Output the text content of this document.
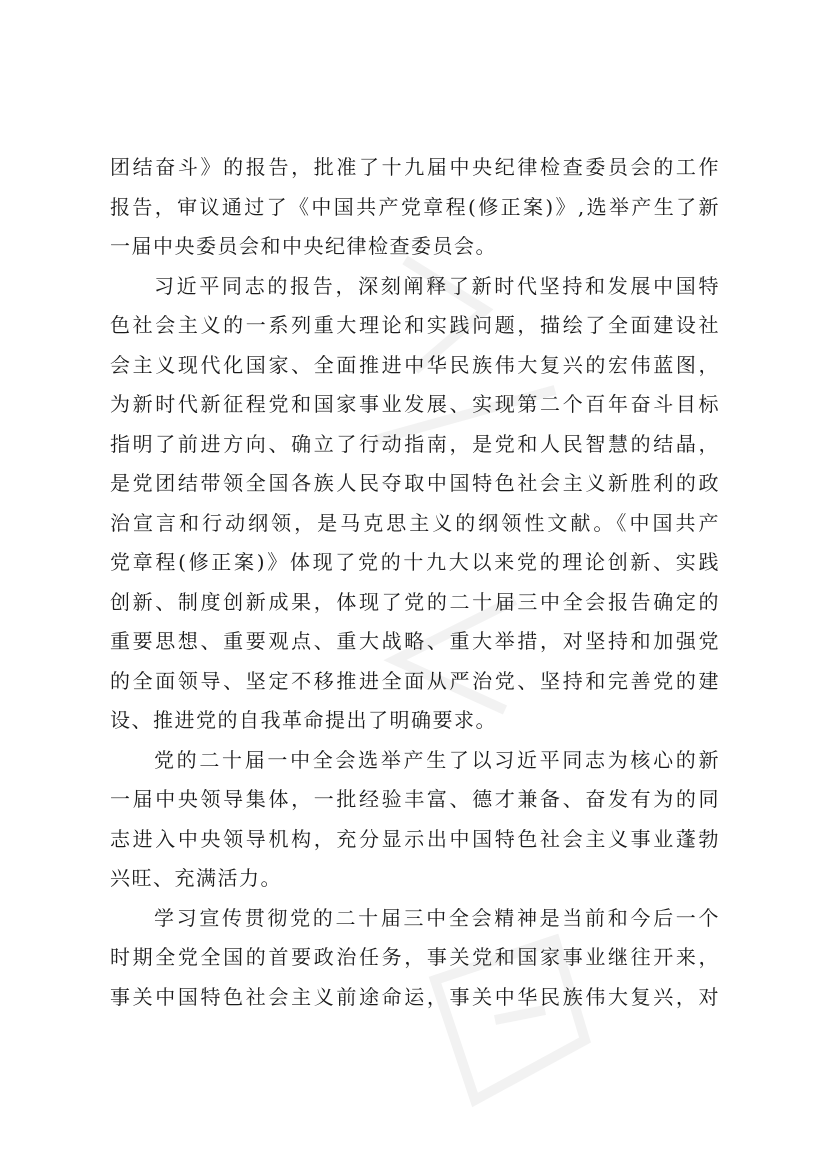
团结奋斗》的报告，批准了十九届中央纪律检查委员会的工作
报告，审议通过了《中国共产党章程(修正案)》,选举产生了新
一届中央委员会和中央纪律检查委员会。
习近平同志的报告，深刻阐释了新时代坚持和发展中国特
色社会主义的一系列重大理论和实践问题，描绘了全面建设社
会主义现代化国家、全面推进中华民族伟大复兴的宏伟蓝图，
为新时代新征程党和国家事业发展、实现第二个百年奋斗目标
指明了前进方向、确立了行动指南，是党和人民智慧的结晶，
是党团结带领全国各族人民夺取中国特色社会主义新胜利的政
治宣言和行动纲领，是马克思主义的纲领性文献。《中国共产
党章程(修正案)》体现了党的十九大以来党的理论创新、实践
创新、制度创新成果，体现了党的二十届三中全会报告确定的
重要思想、重要观点、重大战略、重大举措，对坚持和加强党
的全面领导、坚定不移推进全面从严治党、坚持和完善党的建
设、推进党的自我革命提出了明确要求。
党的二十届一中全会选举产生了以习近平同志为核心的新
一届中央领导集体，一批经验丰富、德才兼备、奋发有为的同
志进入中央领导机构，充分显示出中国特色社会主义事业蓬勃
兴旺、充满活力。
学习宣传贯彻党的二十届三中全会精神是当前和今后一个
时期全党全国的首要政治任务，事关党和国家事业继往开来，
事关中国特色社会主义前途命运，事关中华民族伟大复兴，对
